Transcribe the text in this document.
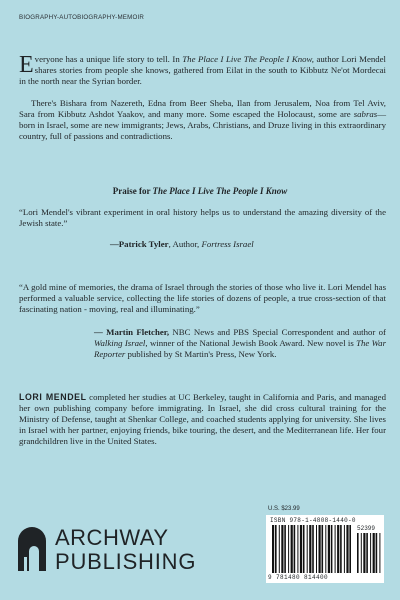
BIOGRAPHY-AUTOBIOGRAPHY-MEMOIR
Everyone has a unique life story to tell. In The Place I Live The People I Know, author Lori Mendel shares stories from people she knows, gathered from Eilat in the south to Kibbutz Ne'ot Mordecai in the north near the Syrian border.
There's Bishara from Nazereth, Edna from Beer Sheba, Ilan from Jerusalem, Noa from Tel Aviv, Sara from Kibbutz Ashdot Yaakov, and many more. Some escaped the Holocaust, some are sabras—born in Israel, some are new immigrants; Jews, Arabs, Christians, and Druze living in this extraordinary country, full of passions and contradictions.
Praise for The Place I Live The People I Know
“Lori Mendel's vibrant experiment in oral history helps us to understand the amazing diversity of the Jewish state.”
—Patrick Tyler, Author, Fortress Israel
“A gold mine of memories, the drama of Israel through the stories of those who live it. Lori Mendel has performed a valuable service, collecting the life stories of dozens of people, a true cross-section of that fascinating nation - moving, real and illuminating.”
— Martin Fletcher, NBC News and PBS Special Correspondent and author of Walking Israel, winner of the National Jewish Book Award. New novel is The War Reporter published by St Martin's Press, New York.
LORI MENDEL completed her studies at UC Berkeley, taught in California and Paris, and managed her own publishing company before immigrating. In Israel, she did cross cultural training for the Ministry of Defense, taught at Shenkar College, and coached students applying for university. She lives in Israel with her partner, enjoying friends, bike touring, the desert, and the Mediterranean life. Her four grandchildren live in the United States.
U.S. $23.99
ISBN 978-1-4808-1440-0
52399
9 781480 814400
ARCHWAY
PUBLISHING
